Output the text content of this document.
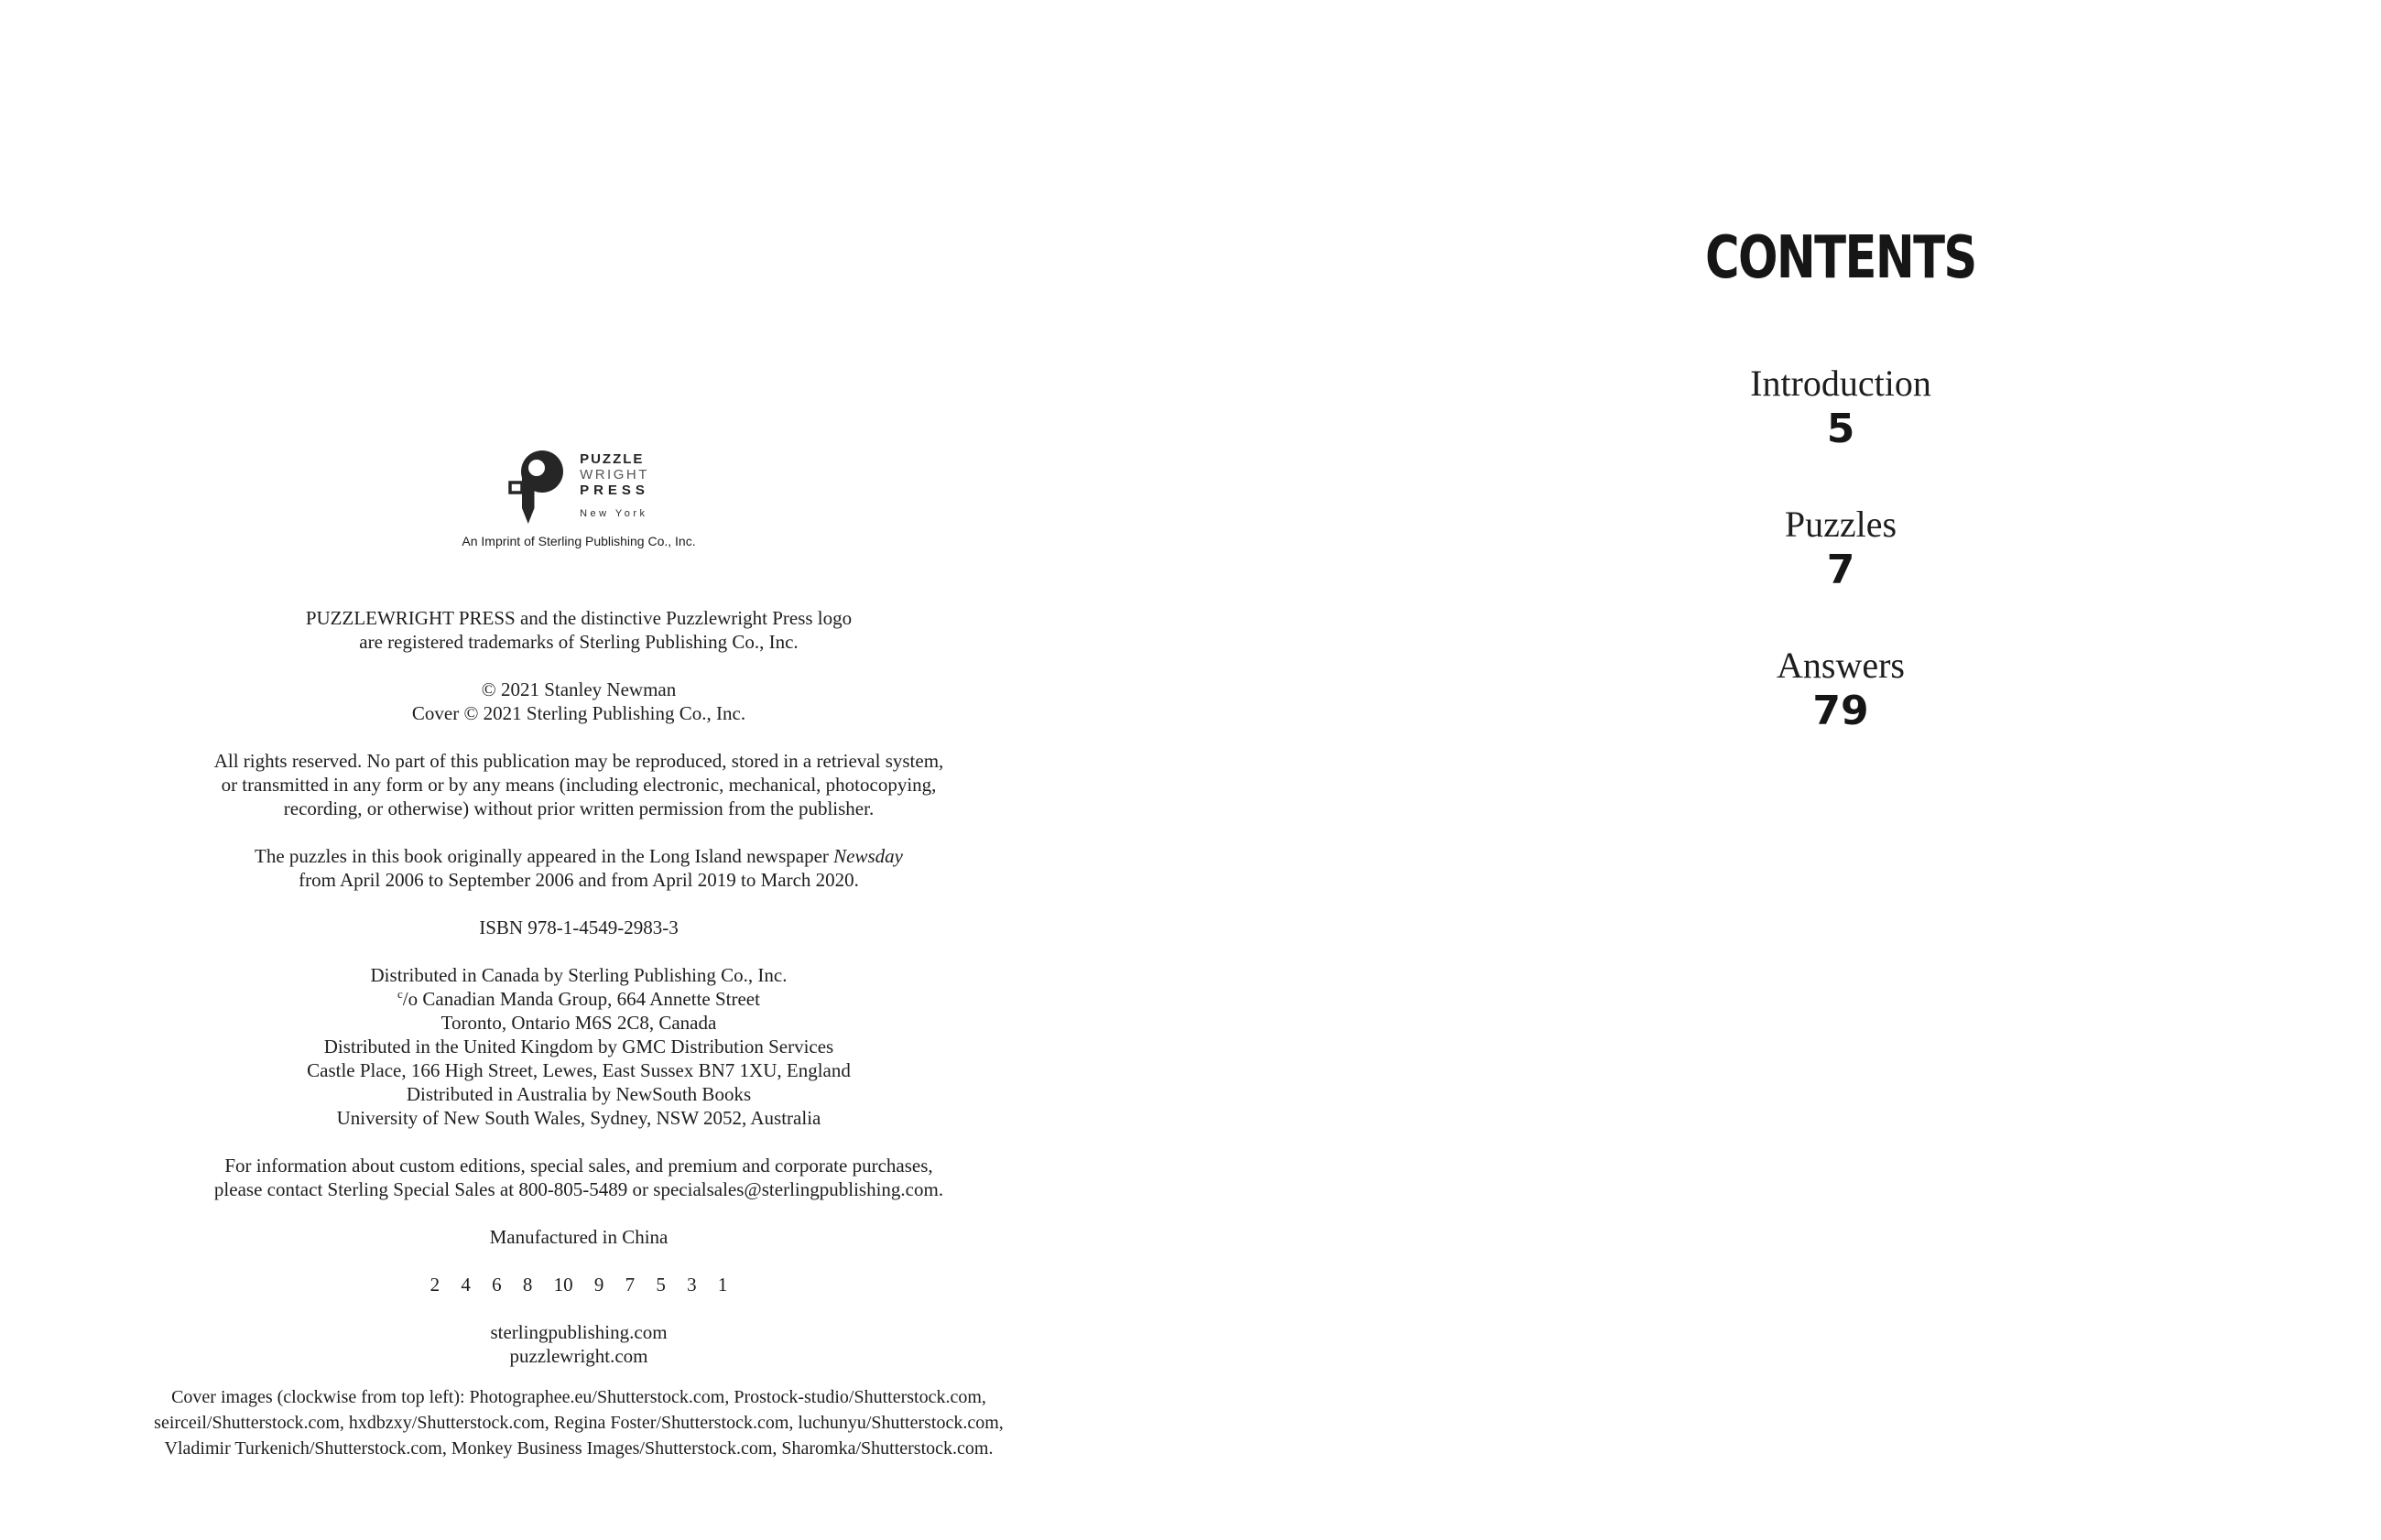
PUZZLE
WRIGHT
PRESS
New York
An Imprint of Sterling Publishing Co., Inc.
PUZZLEWRIGHT PRESS and the distinctive Puzzlewright Press logo
are registered trademarks of Sterling Publishing Co., Inc.
© 2021 Stanley Newman
Cover © 2021 Sterling Publishing Co., Inc.
All rights reserved. No part of this publication may be reproduced, stored in a retrieval system,
or transmitted in any form or by any means (including electronic, mechanical, photocopying,
recording, or otherwise) without prior written permission from the publisher.
The puzzles in this book originally appeared in the Long Island newspaper Newsday
from April 2006 to September 2006 and from April 2019 to March 2020.
ISBN 978-1-4549-2983-3
Distributed in Canada by Sterling Publishing Co., Inc.
$^c$/o Canadian Manda Group, 664 Annette Street
Toronto, Ontario M6S 2C8, Canada
Distributed in the United Kingdom by GMC Distribution Services
Castle Place, 166 High Street, Lewes, East Sussex BN7 1XU, England
Distributed in Australia by NewSouth Books
University of New South Wales, Sydney, NSW 2052, Australia
For information about custom editions, special sales, and premium and corporate purchases,
please contact Sterling Special Sales at 800-805-5489 or specialsales@sterlingpublishing.com.
Manufactured in China
2 4 6 8 10 9 7 5 3 1
sterlingpublishing.com
puzzlewright.com
Cover images (clockwise from top left): Photographee.eu/Shutterstock.com, Prostock-studio/Shutterstock.com,
seirceil/Shutterstock.com, hxdbzxy/Shutterstock.com, Regina Foster/Shutterstock.com, luchunyu/Shutterstock.com,
Vladimir Turkenich/Shutterstock.com, Monkey Business Images/Shutterstock.com, Sharomka/Shutterstock.com.
CONTENTS
Introduction
5
Puzzles
7
Answers
79
